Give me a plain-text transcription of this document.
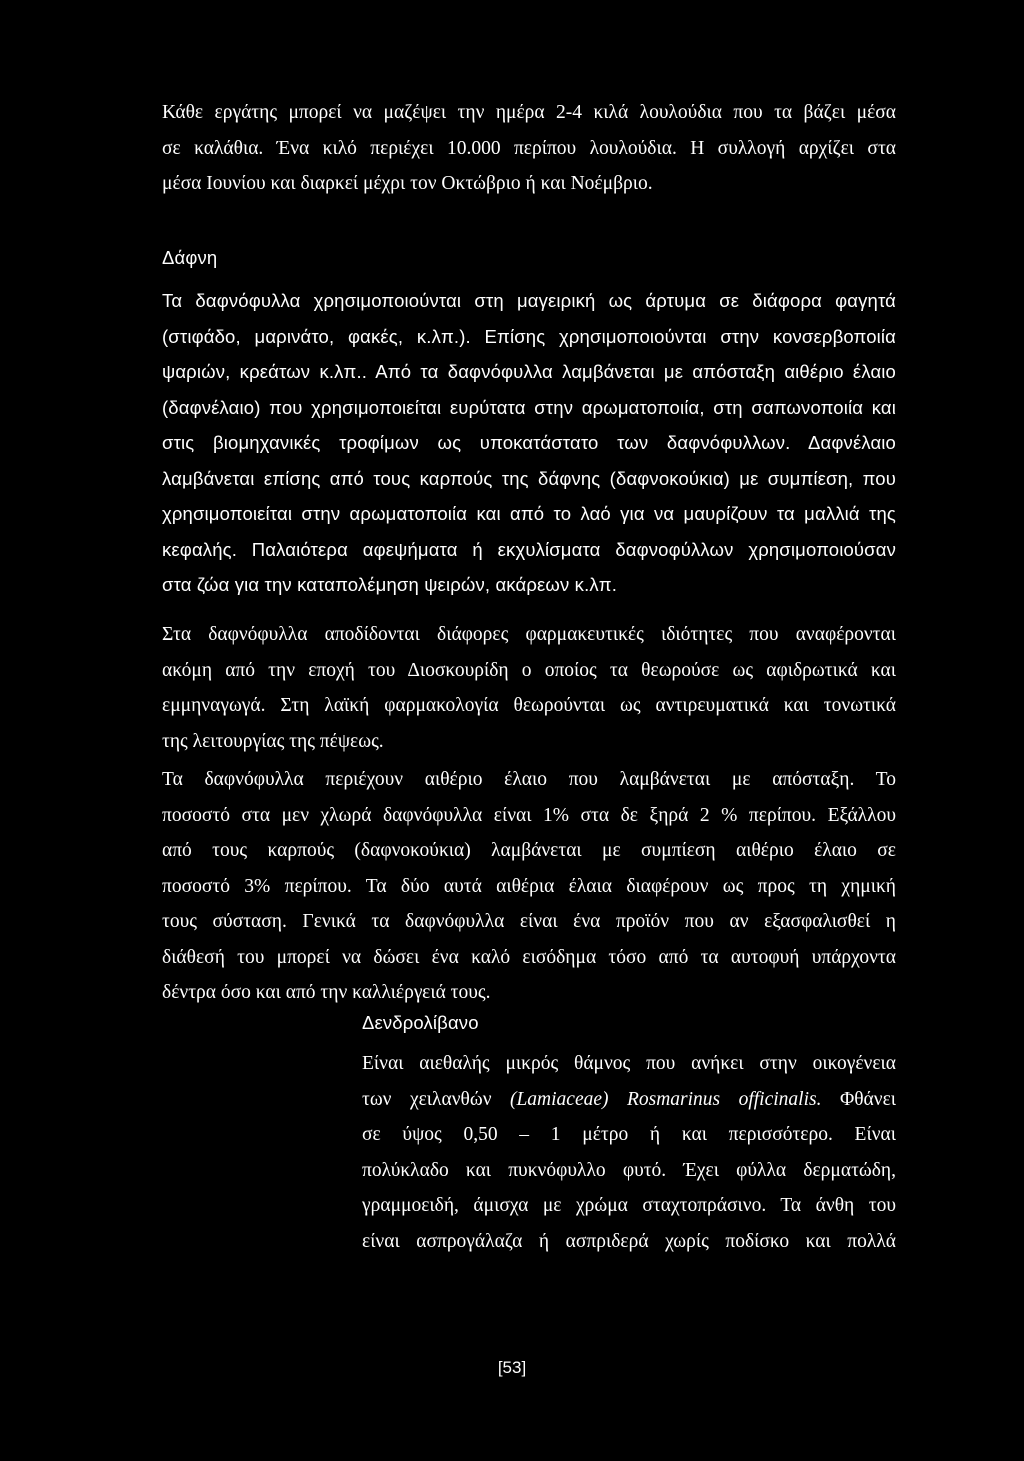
Κάθε εργάτης μπορεί να μαζέψει την ημέρα 2-4 κιλά λουλούδια που τα βάζει μέσα
σε καλάθια. Ένα κιλό περιέχει 10.000 περίπου λουλούδια. Η συλλογή αρχίζει στα
μέσα Ιουνίου και διαρκεί μέχρι τον Οκτώβριο ή και Νοέμβριο.
Δάφνη
Τα δαφνόφυλλα χρησιμοποιούνται στη μαγειρική ως άρτυμα σε διάφορα φαγητά
(στιφάδο, μαρινάτο, φακές, κ.λπ.). Επίσης χρησιμοποιούνται στην κονσερβοποιία
ψαριών, κρεάτων κ.λπ.. Από τα δαφνόφυλλα λαμβάνεται με απόσταξη αιθέριο έλαιο
(δαφνέλαιο) που χρησιμοποιείται ευρύτατα στην αρωματοποιία, στη σαπωνοποιία και
στις βιομηχανικές τροφίμων ως υποκατάστατο των δαφνόφυλλων. Δαφνέλαιο
λαμβάνεται επίσης από τους καρπούς της δάφνης (δαφνοκούκια) με συμπίεση, που
χρησιμοποιείται στην αρωματοποιία και από το λαό για να μαυρίζουν τα μαλλιά της
κεφαλής. Παλαιότερα αφεψήματα ή εκχυλίσματα δαφνοφύλλων χρησιμοποιούσαν
στα ζώα για την καταπολέμηση ψειρών, ακάρεων κ.λπ.
Στα δαφνόφυλλα αποδίδονται διάφορες φαρμακευτικές ιδιότητες που αναφέρονται
ακόμη από την εποχή του Διοσκουρίδη ο οποίος τα θεωρούσε ως αφιδρωτικά και
εμμηναγωγά. Στη λαϊκή φαρμακολογία θεωρούνται ως αντιρευματικά και τονωτικά
της λειτουργίας της πέψεως.
Τα δαφνόφυλλα περιέχουν αιθέριο έλαιο που λαμβάνεται με απόσταξη. Το
ποσοστό στα μεν χλωρά δαφνόφυλλα είναι 1% στα δε ξηρά 2 % περίπου. Εξάλλου
από τους καρπούς (δαφνοκούκια) λαμβάνεται με συμπίεση αιθέριο έλαιο σε
ποσοστό 3% περίπου. Τα δύο αυτά αιθέρια έλαια διαφέρουν ως προς τη χημική
τους σύσταση. Γενικά τα δαφνόφυλλα είναι ένα προϊόν που αν εξασφαλισθεί η
διάθεσή του μπορεί να δώσει ένα καλό εισόδημα τόσο από τα αυτοφυή υπάρχοντα
δέντρα όσο και από την καλλιέργειά τους.
Δενδρολίβανο
Είναι αιεθαλής μικρός θάμνος που ανήκει στην οικογένεια
των χειλανθών (Lamiaceae) Rosmarinus officinalis. Φθάνει
σε ύψος 0,50 – 1 μέτρο ή και περισσότερο. Είναι
πολύκλαδο και πυκνόφυλλο φυτό. Έχει φύλλα δερματώδη,
γραμμοειδή, άμισχα με χρώμα σταχτοπράσινο. Τα άνθη του
είναι ασπρογάλαζα ή ασπριδερά χωρίς ποδίσκο και πολλά
[53]
